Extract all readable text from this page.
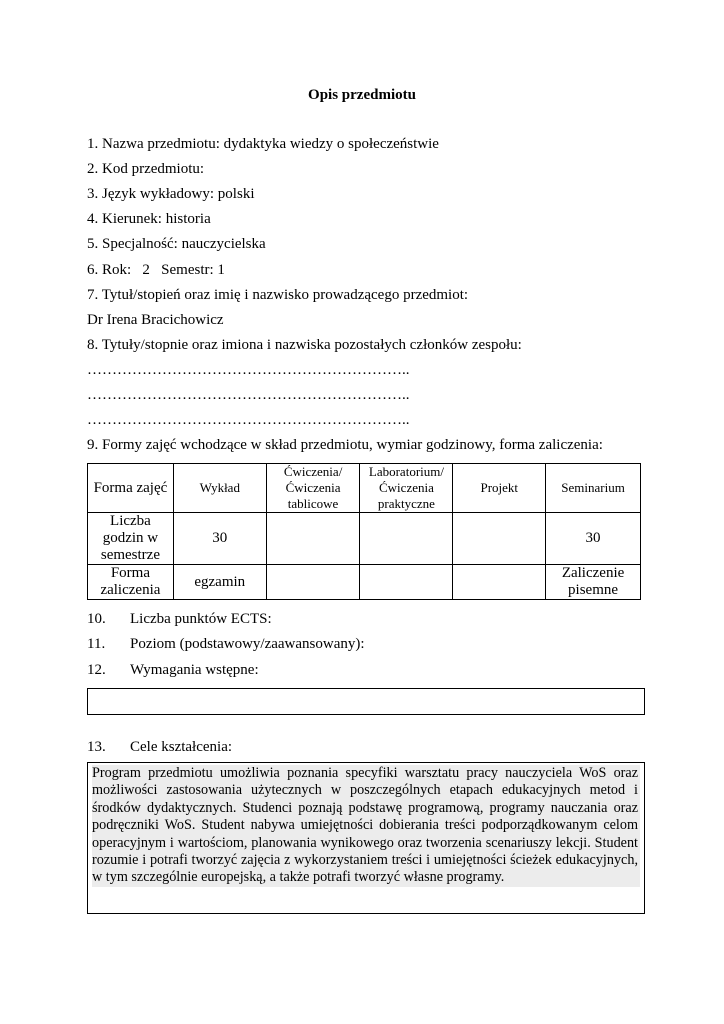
Opis przedmiotu
1. Nazwa przedmiotu: dydaktyka wiedzy o społeczeństwie
2. Kod przedmiotu:
3. Język wykładowy: polski
4. Kierunek: historia
5. Specjalność: nauczycielska
6. Rok:   2   Semestr: 1
7. Tytuł/stopień oraz imię i nazwisko prowadzącego przedmiot:
Dr Irena Bracichowicz
8. Tytuły/stopnie oraz imiona i nazwiska pozostałych członków zespołu:
………………………………………………………..
………………………………………………………..
………………………………………………………..
9. Formy zajęć wchodzące w skład przedmiotu, wymiar godzinowy, forma zaliczenia:
Forma zajęć	Wykład	Ćwiczenia/ Ćwiczenia tablicowe	Laboratorium/ Ćwiczenia praktyczne	Projekt	Seminarium
Liczba godzin w semestrze	30				30
Forma zaliczenia	egzamin				Zaliczenie pisemne
10. Liczba punktów ECTS:
11. Poziom (podstawowy/zaawansowany):
12. Wymagania wstępne:
13. Cele kształcenia:
Program przedmiotu umożliwia poznania specyfiki warsztatu pracy nauczyciela WoS oraz możliwości zastosowania użytecznych w poszczególnych etapach edukacyjnych metod i środków dydaktycznych. Studenci poznają podstawę programową, programy nauczania oraz podręczniki WoS. Student nabywa umiejętności dobierania treści podporządkowanym celom operacyjnym i wartościom, planowania wynikowego oraz tworzenia scenariuszy lekcji. Student rozumie i potrafi tworzyć zajęcia z wykorzystaniem treści i umiejętności ścieżek edukacyjnych, w tym szczególnie europejską, a także potrafi tworzyć własne programy.
